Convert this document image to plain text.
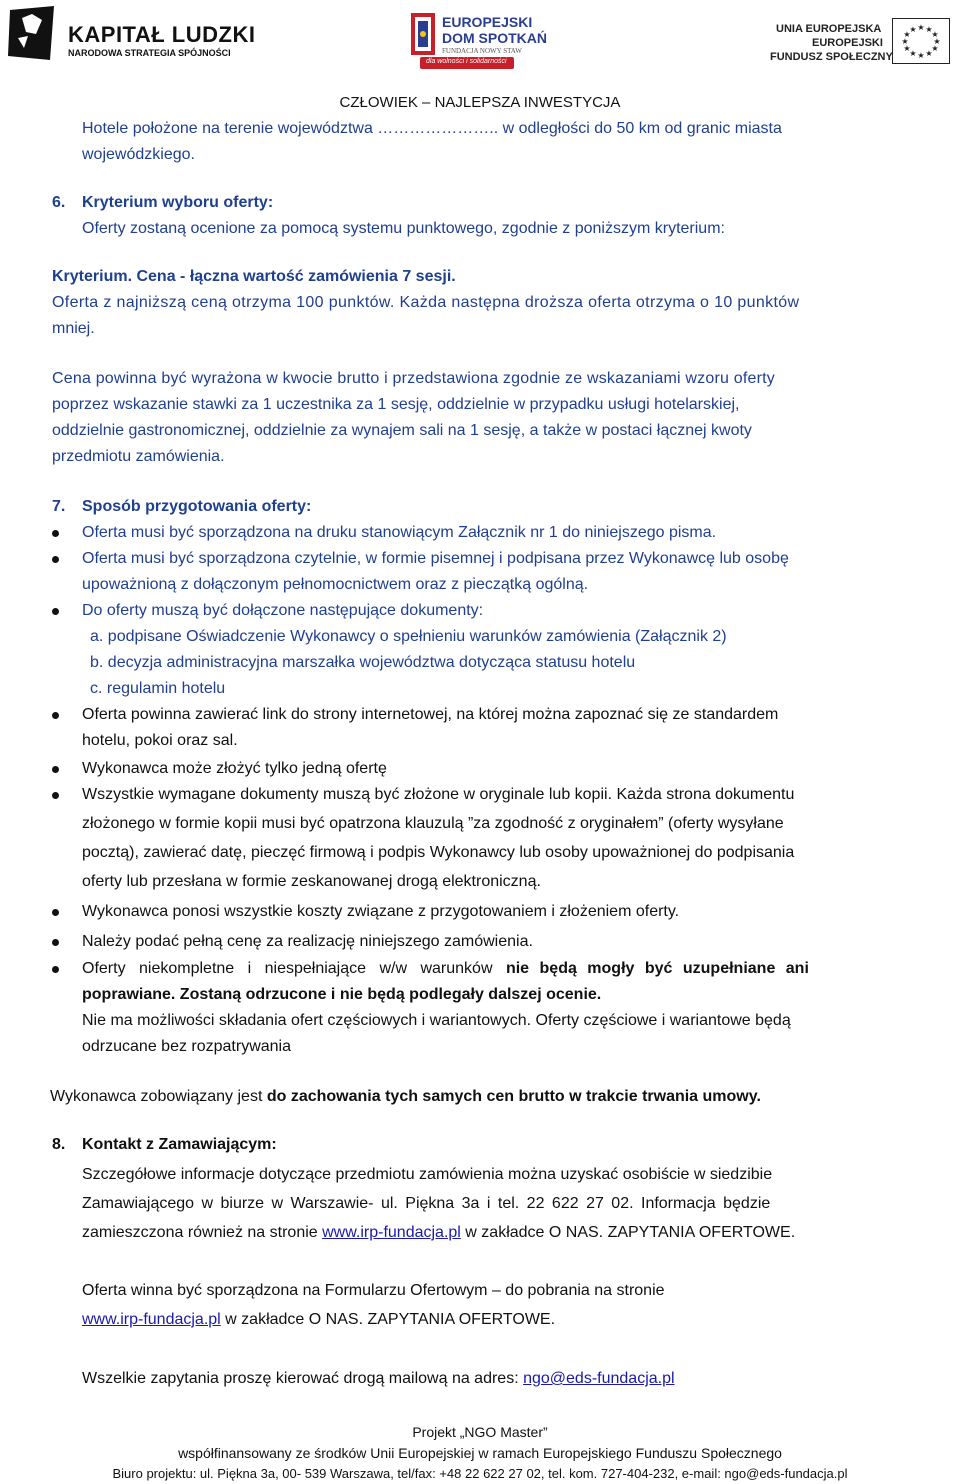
KAPITAŁ LUDZKI
NARODOWA STRATEGIA SPÓJNOŚCI
EUROPEJSKI
DOM SPOTKAŃ
FUNDACJA NOWY STAW
dla wolności i solidarności
UNIA EUROPEJSKA
EUROPEJSKI
FUNDUSZ SPOŁECZNY
★ ★
★
★
★
★
★
★
★
★
★
★
CZŁOWIEK – NAJLEPSZA INWESTYCJA
Hotele położone na terenie województwa ………………….. w odległości do 50 km od granic miasta
wojewódzkiego.
6. Kryterium wyboru oferty:
Oferty zostaną ocenione za pomocą systemu punktowego, zgodnie z poniższym kryterium:
Kryterium. Cena - łączna wartość zamówienia 7 sesji.
Oferta z najniższą ceną otrzyma 100 punktów. Każda następna droższa oferta otrzyma o 10 punktów
mniej.
Cena powinna być wyrażona w kwocie brutto i przedstawiona zgodnie ze wskazaniami wzoru oferty
poprzez wskazanie stawki za 1 uczestnika za 1 sesję, oddzielnie w przypadku usługi hotelarskiej,
oddzielnie gastronomicznej, oddzielnie za wynajem sali na 1 sesję, a także w postaci łącznej kwoty
przedmiotu zamówienia.
7. Sposób przygotowania oferty:
Oferta musi być sporządzona na druku stanowiącym Załącznik nr 1 do niniejszego pisma.
Oferta musi być sporządzona czytelnie, w formie pisemnej i podpisana przez Wykonawcę lub osobę
upoważnioną z dołączonym pełnomocnictwem oraz z pieczątką ogólną.
Do oferty muszą być dołączone następujące dokumenty:
a. podpisane Oświadczenie Wykonawcy o spełnieniu warunków zamówienia (Załącznik 2)
b. decyzja administracyjna marszałka województwa dotycząca statusu hotelu
c. regulamin hotelu
Oferta powinna zawierać link do strony internetowej, na której można zapoznać się ze standardem
hotelu, pokoi oraz sal.
Wykonawca może złożyć tylko jedną ofertę
Wszystkie wymagane dokumenty muszą być złożone w oryginale lub kopii. Każda strona dokumentu
złożonego w formie kopii musi być opatrzona klauzulą ”za zgodność z oryginałem” (oferty wysyłane
pocztą), zawierać datę, pieczęć firmową i podpis Wykonawcy lub osoby upoważnionej do podpisania
oferty lub przesłana w formie zeskanowanej drogą elektroniczną.
Wykonawca ponosi wszystkie koszty związane z przygotowaniem i złożeniem oferty.
Należy podać pełną cenę za realizację niniejszego zamówienia.
Oferty niekompletne i niespełniające w/w warunków nie będą mogły być uzupełniane ani
poprawiane. Zostaną odrzucone i nie będą podlegały dalszej ocenie.
Nie ma możliwości składania ofert częściowych i wariantowych. Oferty częściowe i wariantowe będą
odrzucane bez rozpatrywania
Wykonawca zobowiązany jest do zachowania tych samych cen brutto w trakcie trwania umowy.
8. Kontakt z Zamawiającym:
Szczegółowe informacje dotyczące przedmiotu zamówienia można uzyskać osobiście w siedzibie
Zamawiającego w biurze w Warszawie- ul. Piękna 3a i tel. 22 622 27 02. Informacja będzie
zamieszczona również na stronie www.irp-fundacja.pl w zakładce O NAS. ZAPYTANIA OFERTOWE.
Oferta winna być sporządzona na Formularzu Ofertowym – do pobrania na stronie
www.irp-fundacja.pl w zakładce O NAS. ZAPYTANIA OFERTOWE.
Wszelkie zapytania proszę kierować drogą mailową na adres: ngo@eds-fundacja.pl
Projekt „NGO Master”
współfinansowany ze środków Unii Europejskiej w ramach Europejskiego Funduszu Społecznego
Biuro projektu: ul. Piękna 3a, 00- 539 Warszawa, tel/fax: +48 22 622 27 02, tel. kom. 727-404-232, e-mail: ngo@eds-fundacja.pl
